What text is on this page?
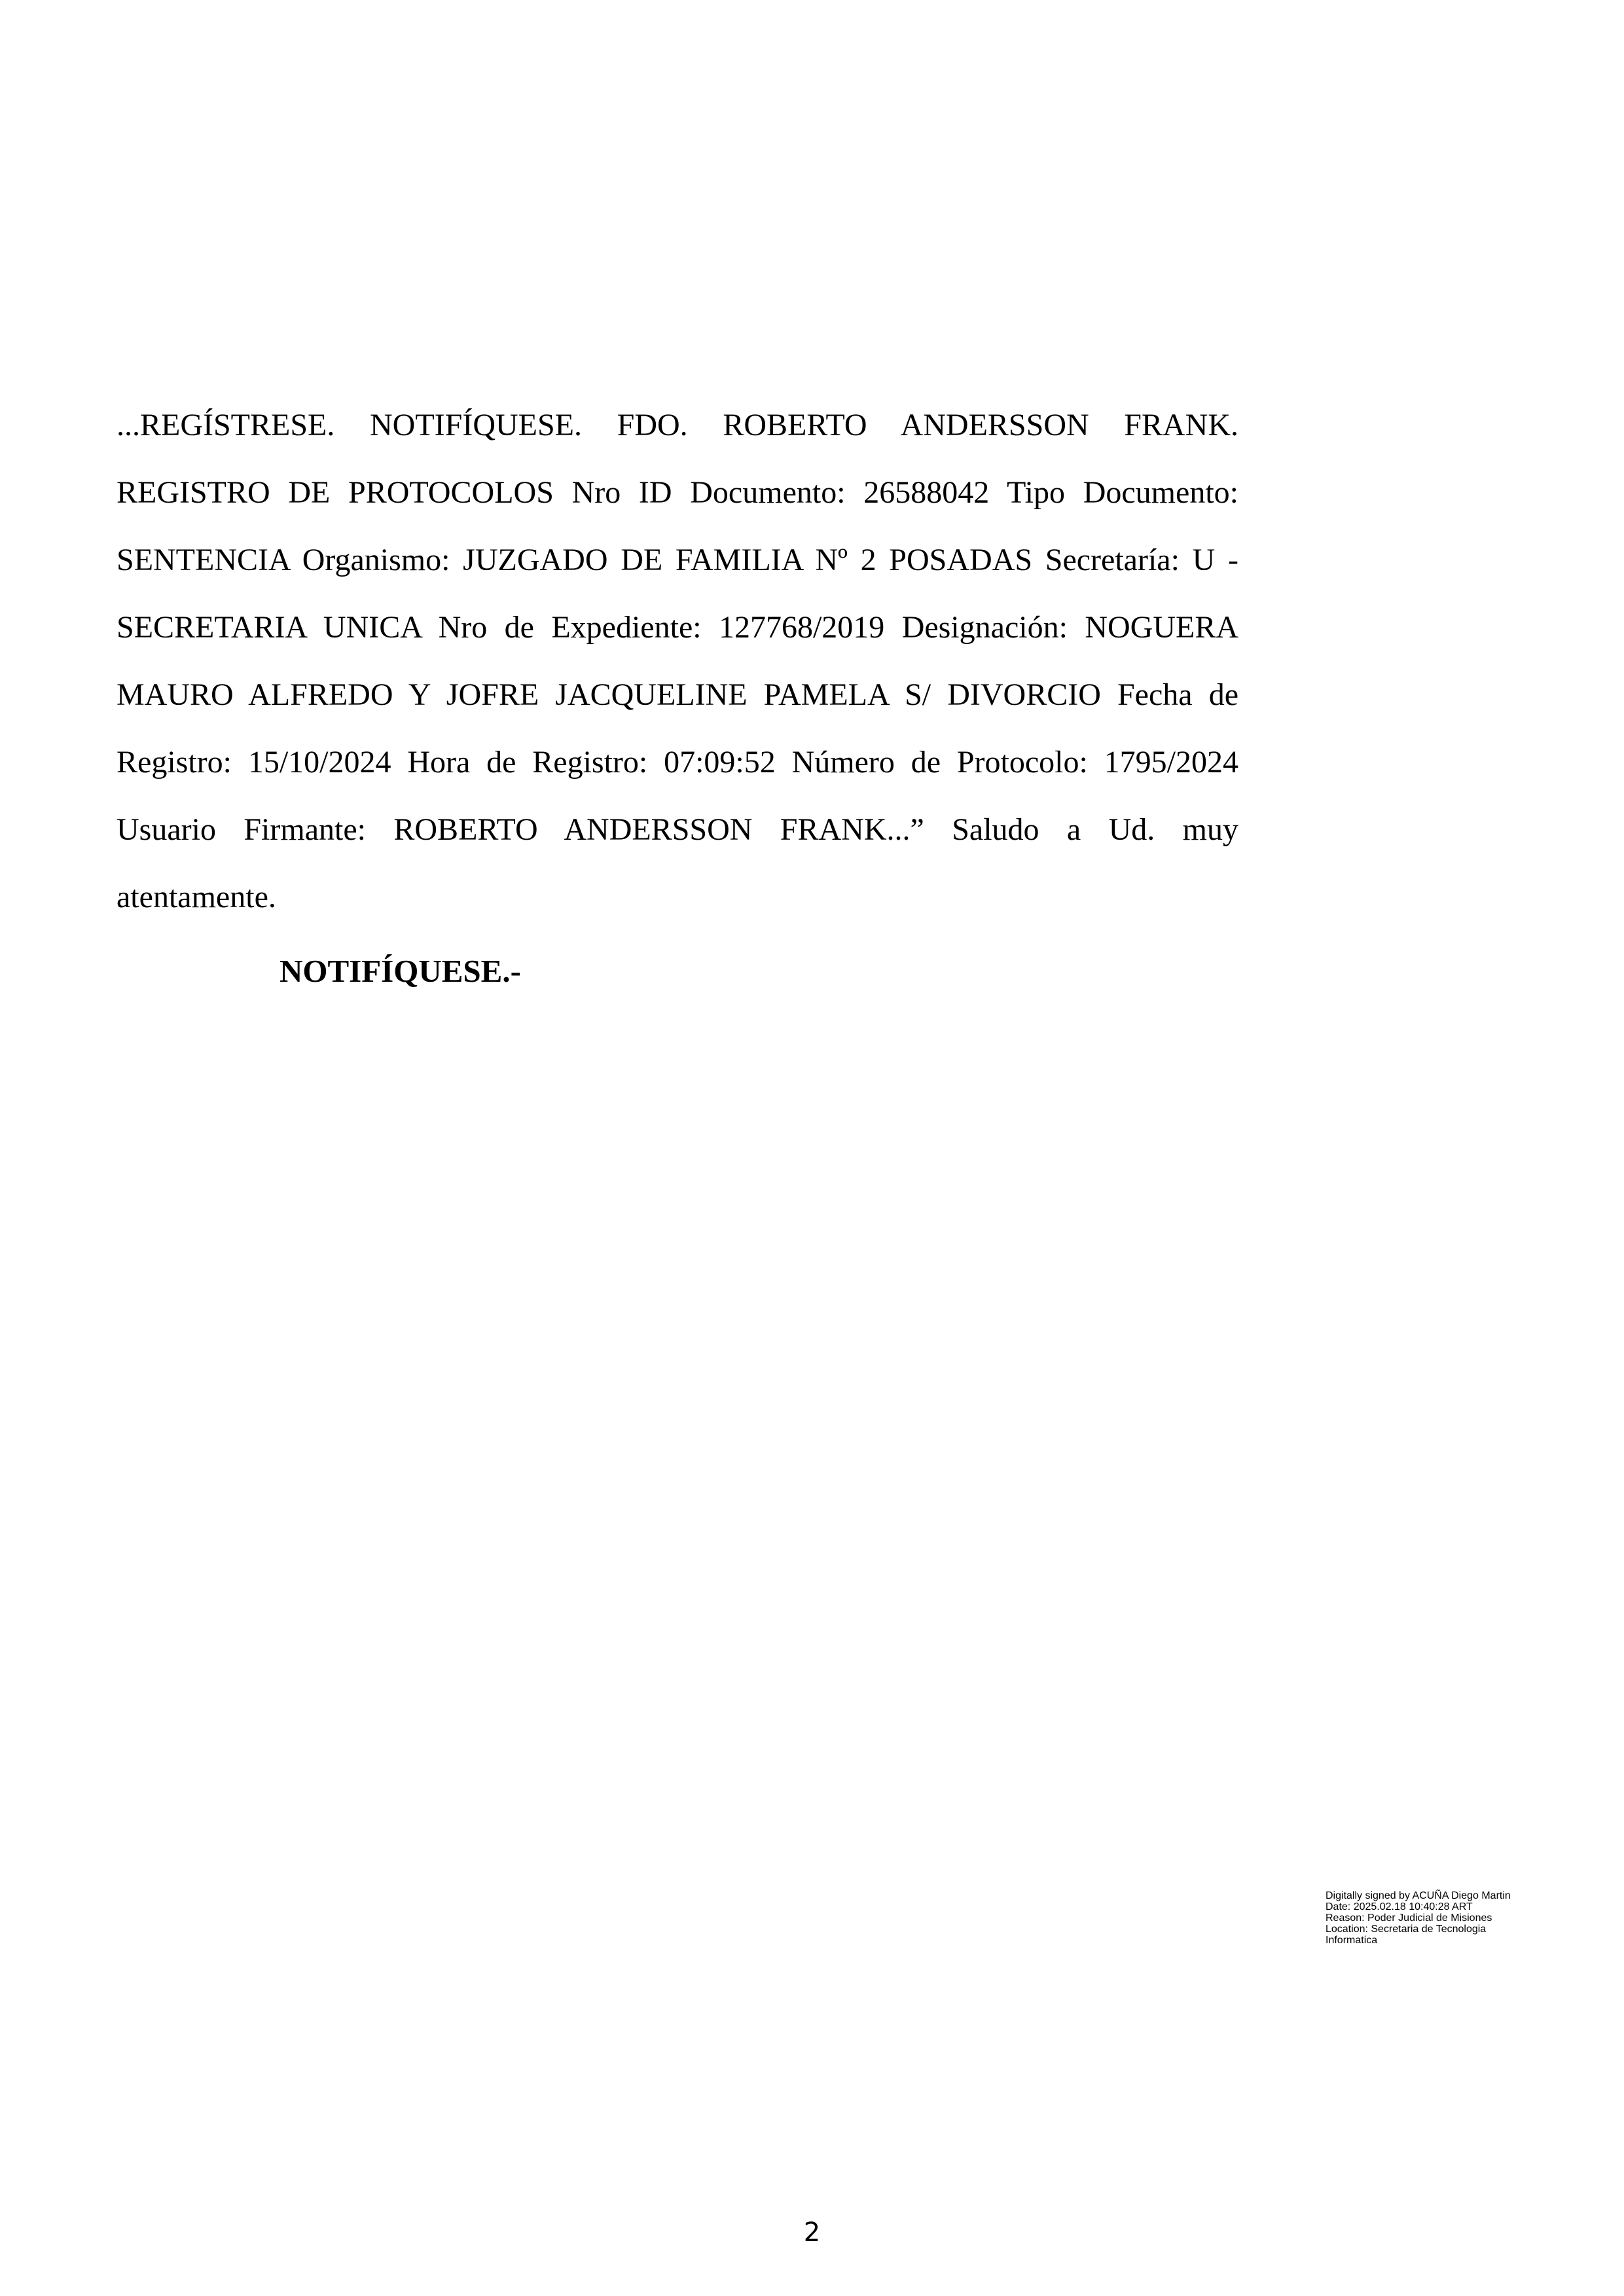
...REGÍSTRESE. NOTIFÍQUESE. FDO. ROBERTO ANDERSSON FRANK. REGISTRO DE PROTOCOLOS Nro ID Documento: 26588042 Tipo Documento: SENTENCIA Organismo: JUZGADO DE FAMILIA Nº 2 POSADAS Secretaría: U - SECRETARIA UNICA Nro de Expediente: 127768/2019 Designación: NOGUERA MAURO ALFREDO Y JOFRE JACQUELINE PAMELA S/ DIVORCIO Fecha de Registro: 15/10/2024 Hora de Registro: 07:09:52 Número de Protocolo: 1795/2024 Usuario Firmante: ROBERTO ANDERSSON FRANK...” Saludo a Ud. muy atentamente.

NOTIFÍQUESE.-

Digitally signed by ACUÑA Diego Martin
Date: 2025.02.18 10:40:28 ART
Reason: Poder Judicial de Misiones
Location: Secretaria de Tecnologia
Informatica
2
